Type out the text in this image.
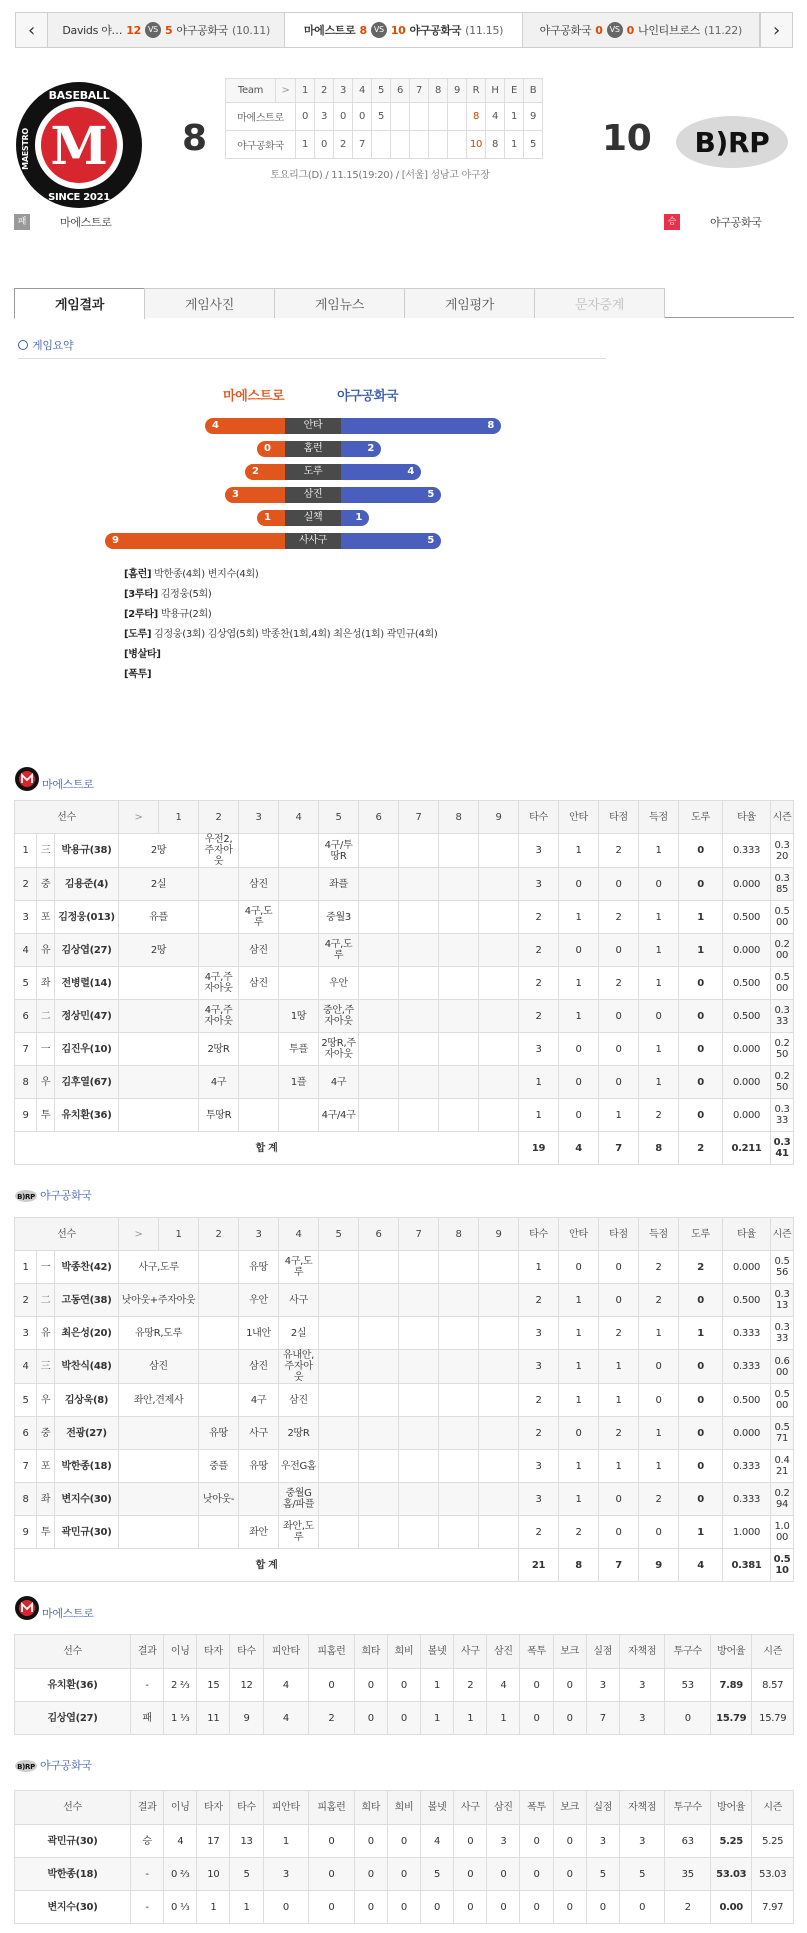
‹ Davids 야… 12 VS 5 야구공화국 (10.11)	마에스트로 8 VS 10 야구공화국 (11.15)	야구공화국 0 VS 0 나인티브로스 (11.22) ›
M
BASEBALL
MAESTRO
SINCE 2021
8
Team	>	1	2	3	4	5	6	7	8	9	R	H	E	B
마에스트로		0	3	0	0	5					8	4	1	9
야구공화국		1	0	2	7						10	8	1	5
토요리그(D) / 11.15(19:20) / [서울] 성남고 야구장
10 B)RP
패	마에스트로	승	야구공화국
게임결과	게임사진	게임뉴스	게임평가	문자중계
게임요약
마에스트로	야구공화국
4	8
안타
0	2
홈런
2	4
도루
3	5
삼진
1	1
실책
9	5
사사구
[홈런] 박한종(4회) 변지수(4회)
[3루타] 김정웅(5회)
[2루타] 박용규(2회)
[도루] 김정웅(3회) 김상엽(5회) 박종찬(1회,4회) 최은성(1회) 곽민규(4회)
[병살타]
[폭투]
마에스트로
선수			>	1	2	3	4	5	6	7	8	9	타수	안타	타점	득점	도루	타율	시즌
1	三	박용규(38)	2땅		우전2,주자아웃			4구/투땅R					3	1	2	1	0	0.333	0.320
2	중	김용준(4)	2실			삼진		좌플					3	0	0	0	0	0.000	0.385
3	포	김정웅(013)	유플			4구,도루		중월3					2	1	2	1	1	0.500	0.500
4	유	김상엽(27)	2땅			삼진		4구,도루					2	0	0	1	1	0.000	0.200
5	좌	전병렬(14)			4구,주자아웃	삼진		우안					2	1	2	1	0	0.500	0.500
6	二	정상민(47)			4구,주자아웃		1땅	중안,주자아웃					2	1	0	0	0	0.500	0.333
7	一	김진우(10)			2땅R		투플	2땅R,주자아웃					3	0	0	1	0	0.000	0.250
8	우	김후열(67)			4구		1플	4구					1	0	0	1	0	0.000	0.250
9	투	유치환(36)			투땅R			4구/4구					1	0	1	2	0	0.000	0.333
합 계													19	4	7	8	2	0.211	0.341
B)RP 야구공화국
선수			>	1	2	3	4	5	6	7	8	9	타수	안타	타점	득점	도루	타율	시즌
1	一	박종찬(42)	사구,도루			유땅	4구,도루						1	0	0	2	2	0.000	0.556
2	二	고동연(38)	낫아웃+주자아웃			우안	사구						2	1	0	2	0	0.500	0.313
3	유	최은성(20)	유땅R,도루			1내안	2실						3	1	2	1	1	0.333	0.333
4	三	박찬식(48)	삼진			삼진	유내안,주자아웃						3	1	1	0	0	0.333	0.600
5	우	김상욱(8)	좌안,견제사			4구	삼진						2	1	1	0	0	0.500	0.500
6	중	전광(27)			유땅	사구	2땅R						2	0	2	1	0	0.000	0.571
7	포	박한종(18)			중플	유땅	우전G홈						3	1	1	1	0	0.333	0.421
8	좌	변지수(30)			낫아웃-		중월G홈/파플						3	1	0	2	0	0.333	0.294
9	투	곽민규(30)				좌안	좌안,도루						2	2	0	0	1	1.000	1.000
합 계													21	8	7	9	4	0.381	0.510
마에스트로
선수	결과	이닝	타자	타수	피안타	피홈런	희타	희비	볼넷	사구	삼진	폭투	보크	실점	자책점	투구수	방어율	시즌
유치환(36)	-	2 ⅔	15	12	4	0	0	0	1	2	4	0	0	3	3	53	7.89	8.57
김상엽(27)	패	1 ⅓	11	9	4	2	0	0	1	1	1	0	0	7	3	0	15.79	15.79
B)RP 야구공화국
선수	결과	이닝	타자	타수	피안타	피홈런	희타	희비	볼넷	사구	삼진	폭투	보크	실점	자책점	투구수	방어율	시즌
곽민규(30)	승	4	17	13	1	0	0	0	4	0	3	0	0	3	3	63	5.25	5.25
박한종(18)	-	0 ⅔	10	5	3	0	0	0	5	0	0	0	0	5	5	35	53.03	53.03
변지수(30)	-	0 ⅓	1	1	0	0	0	0	0	0	0	0	0	0	0	2	0.00	7.97
